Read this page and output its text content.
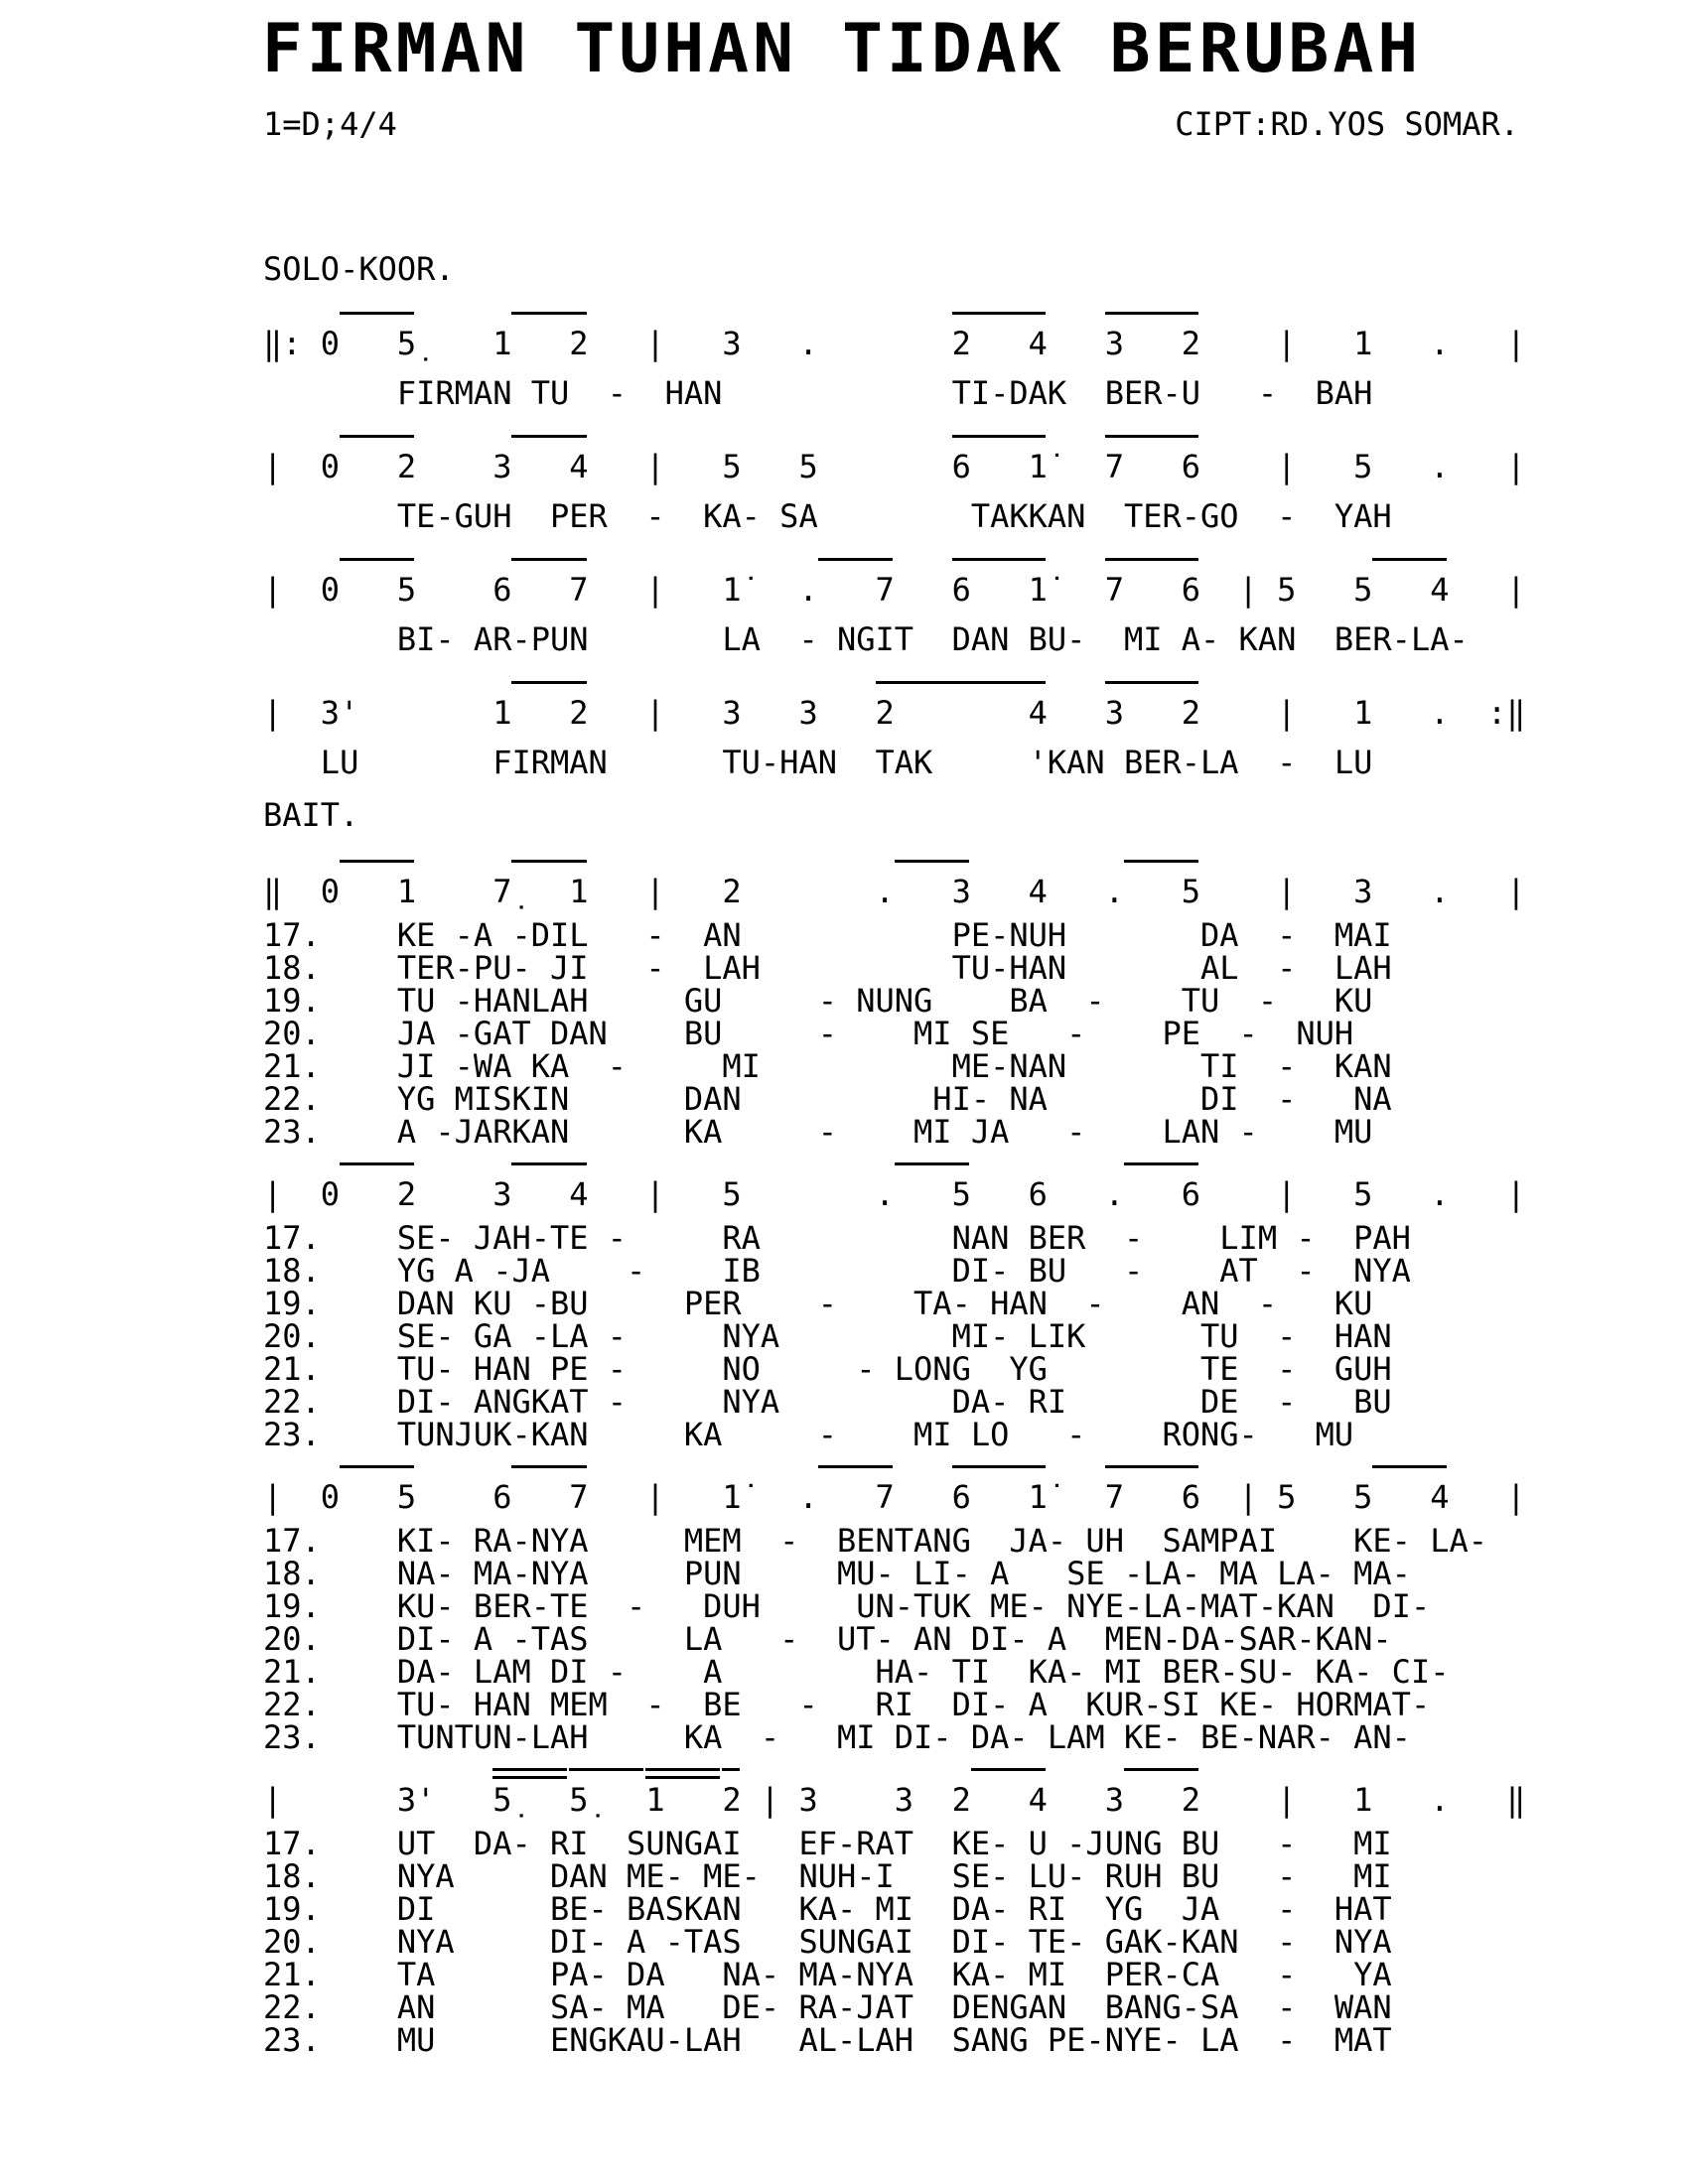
FIRMAN TUHAN TIDAK BERUBAH
1=D;4/4	CIPT:RD.YOS SOMAR.
SOLO-KOOR.
‖: 0   5̣    1   2   |   3   .       2   4 3   2    |   1   .   |
FIRMAN TU  -  HAN            TI-DAK  BER-U   -  BAH
|  0   2    3   4   |   5   5       6   1̇ 7   6    |   5   .   |
TE-GUH  PER  -  KA- SA        TAKKAN  TER-GO  -  YAH
|  0   5    6   7   |   1̇   .   7 6   1̇ 7   6  | 5   5   4   |
BI- AR-PUN       LA  - NGIT  DAN BU-  MI A- KAN  BER-LA-
|  3'       1   2   |   3   3   2       4 3   2    |   1   .  :‖
LU       FIRMAN      TU-HAN  TAK     'KAN BER-LA  -  LU
BAIT.
‖  0   1    7̣   1   |   2       .   3   4   .   5    |   3   .   |
17.    KE -A -DIL   -  AN           PE-NUH       DA  -  MAI
18.    TER-PU- JI   -  LAH          TU-HAN       AL  -  LAH
19.    TU -HANLAH     GU     - NUNG    BA  -    TU  -   KU
20.    JA -GAT DAN    BU     -    MI SE   -    PE  -  NUH
21.    JI -WA KA  -     MI          ME-NAN       TI  -  KAN
22.    YG MISKIN      DAN          HI- NA        DI  -   NA
23.    A -JARKAN      KA     -    MI JA   -    LAN -    MU
|  0   2    3   4   |   5       .   5   6   .   6    |   5   .   |
17.    SE- JAH-TE -     RA          NAN BER  -    LIM -  PAH
18.    YG A -JA    -    IB          DI- BU   -    AT  -  NYA
19.    DAN KU -BU     PER    -    TA- HAN  -    AN  -   KU
20.    SE- GA -LA -     NYA         MI- LIK      TU  -  HAN
21.    TU- HAN PE -     NO     - LONG  YG        TE  -  GUH
22.    DI- ANGKAT -     NYA         DA- RI       DE  -   BU
23.    TUNJUK-KAN     KA     -    MI LO   -    RONG-   MU
|  0   5    6   7   |   1̇   .   7 6   1̇ 7   6  | 5   5   4   |
17.    KI- RA-NYA     MEM  -  BENTANG  JA- UH  SAMPAI    KE- LA-
18.    NA- MA-NYA     PUN     MU- LI- A   SE -LA- MA LA- MA-
19.    KU- BER-TE  -   DUH     UN-TUK ME- NYE-LA-MAT-KAN  DI-
20.    DI- A -TAS     LA   -  UT- AN DI- A  MEN-DA-SAR-KAN-
21.    DA- LAM DI -    A        HA- TI  KA- MI BER-SU- KA- CI-
22.    TU- HAN MEM  -  BE   -   RI  DI- A  KUR-SI KE- HORMAT-
23.    TUNTUN-LAH     KA  -   MI DI- DA- LAM KE- BE-NAR- AN-
|      3'   5̣   5̣   1   2 | 3    3  2   4   3   2    |   1   .   ‖
17.    UT  DA- RI  SUNGAI   EF-RAT  KE- U -JUNG BU   -   MI
18.    NYA     DAN ME- ME-  NUH-I   SE- LU- RUH BU   -   MI
19.    DI      BE- BASKAN   KA- MI  DA- RI  YG  JA   -  HAT
20.    NYA     DI- A -TAS   SUNGAI  DI- TE- GAK-KAN  -  NYA
21.    TA      PA- DA   NA- MA-NYA  KA- MI  PER-CA   -   YA
22.    AN      SA- MA   DE- RA-JAT  DENGAN  BANG-SA  -  WAN
23.    MU      ENGKAU-LAH   AL-LAH  SANG PE-NYE- LA  -  MAT
